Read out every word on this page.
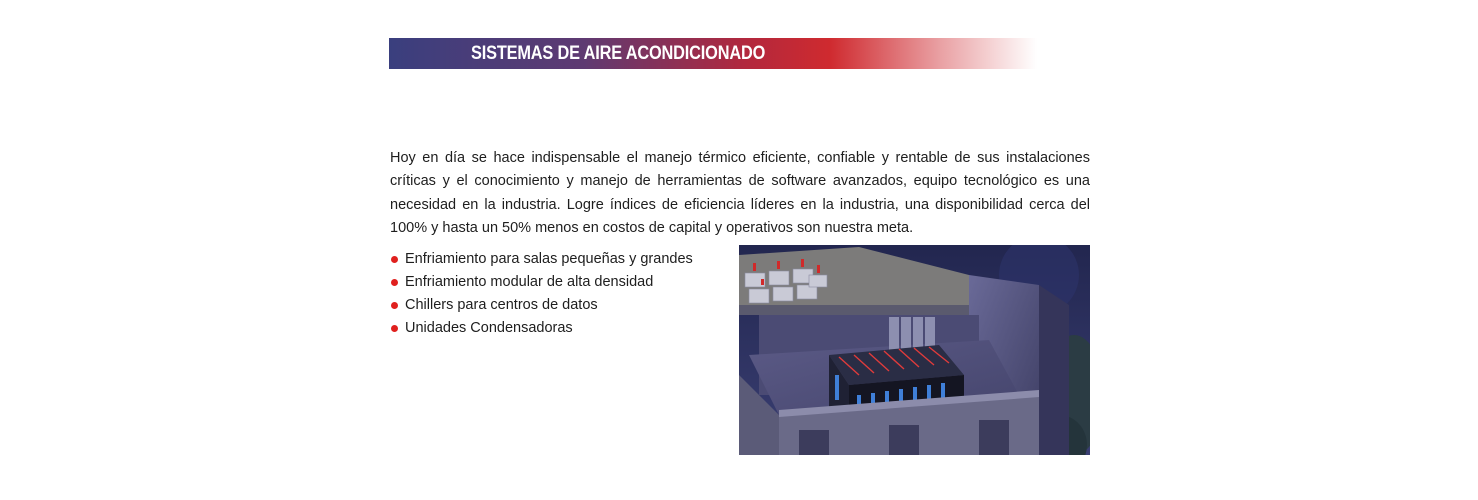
SISTEMAS DE AIRE ACONDICIONADO

Hoy en día se hace indispensable el manejo térmico eficiente, confiable y rentable de sus instalaciones críticas y el conocimiento y manejo de herramientas de software avanzados, equipo tecnológico es una necesidad en la industria. Logre índices de eficiencia líderes en la industria, una disponibilidad cerca del 100% y hasta un 50% menos en costos de capital y operativos son nuestra meta.

Enfriamiento para salas pequeñas y grandes
Enfriamiento modular de alta densidad
Chillers para centros de datos
Unidades Condensadoras
